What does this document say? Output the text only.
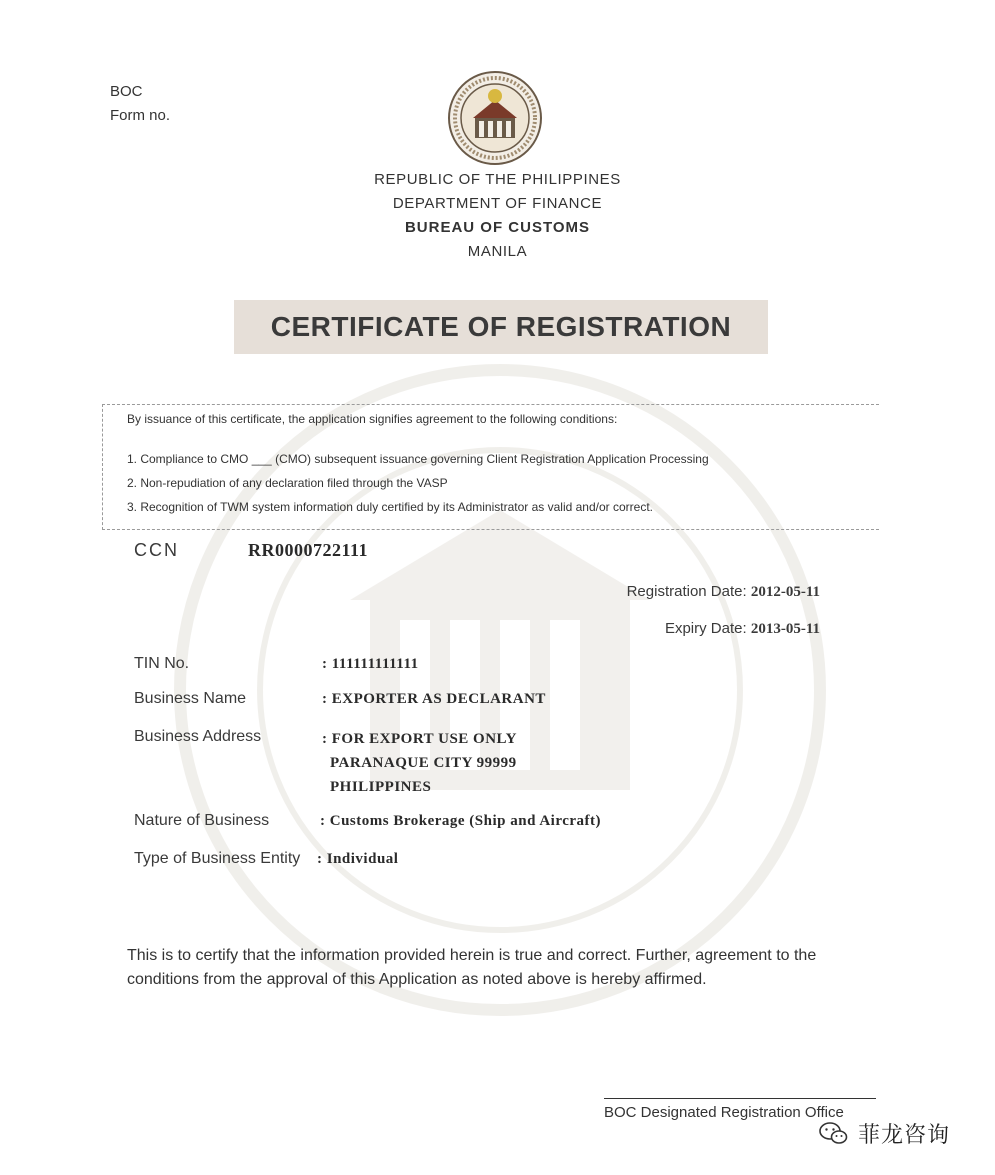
BOC
Form no.
REPUBLIC OF THE PHILIPPINES
DEPARTMENT OF FINANCE
BUREAU OF CUSTOMS
MANILA
CERTIFICATE OF REGISTRATION
By issuance of this certificate, the application signifies agreement to the following conditions:
1. Compliance to CMO ___ (CMO) subsequent issuance governing Client Registration Application Processing
2. Non-repudiation of any declaration filed through the VASP
3. Recognition of TWM system information duly certified by its Administrator as valid and/or correct.
CCN	RR0000722111
Registration Date: 2012-05-11
Expiry Date: 2013-05-11
TIN No.	: 111111111111
Business Name	: EXPORTER AS DECLARANT
Business Address	: FOR EXPORT USE ONLY
PARANAQUE CITY 99999
PHILIPPINES
Nature of Business	: Customs Brokerage (Ship and Aircraft)
Type of Business Entity : Individual
This is to certify that the information provided herein is true and correct. Further, agreement to the conditions from the approval of this Application as noted above is hereby affirmed.
BOC Designated Registration Office
菲龙咨询
